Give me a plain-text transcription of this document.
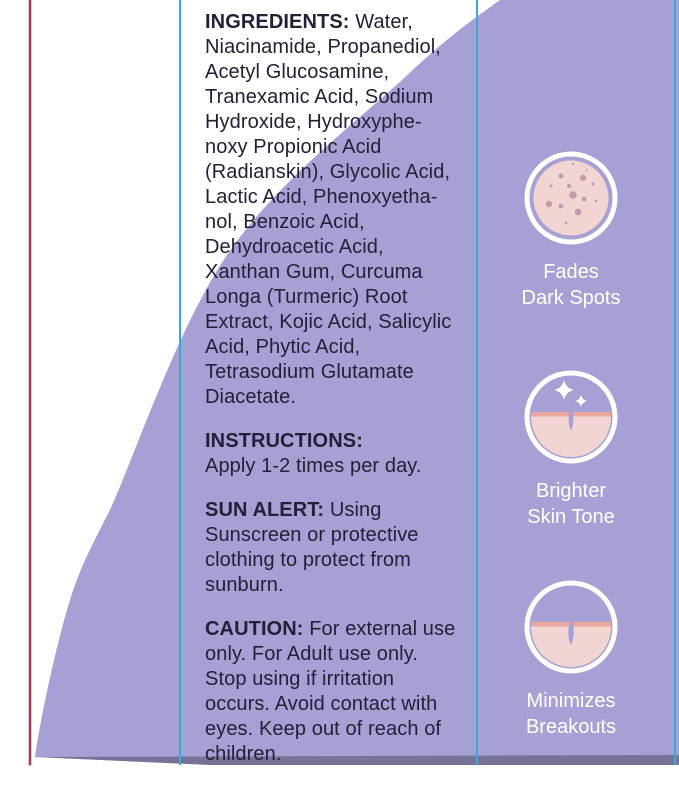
INGREDIENTS: Water,
Niacinamide, Propanediol,
Acetyl Glucosamine,
Tranexamic Acid, Sodium
Hydroxide, Hydroxyphe-
noxy Propionic Acid
(Radianskin), Glycolic Acid,
Lactic Acid, Phenoxyetha-
nol, Benzoic Acid,
Dehydroacetic Acid,
Xanthan Gum, Curcuma
Longa (Turmeric) Root
Extract, Kojic Acid, Salicylic
Acid, Phytic Acid,
Tetrasodium Glutamate
Diacetate.
INSTRUCTIONS:
Apply 1-2 times per day.
SUN ALERT: Using
Sunscreen or protective
clothing to protect from
sunburn.
CAUTION: For external use
only. For Adult use only.
Stop using if irritation
occurs. Avoid contact with
eyes. Keep out of reach of
children.
Fades
Dark Spots
Brighter
Skin Tone
Minimizes
Breakouts
